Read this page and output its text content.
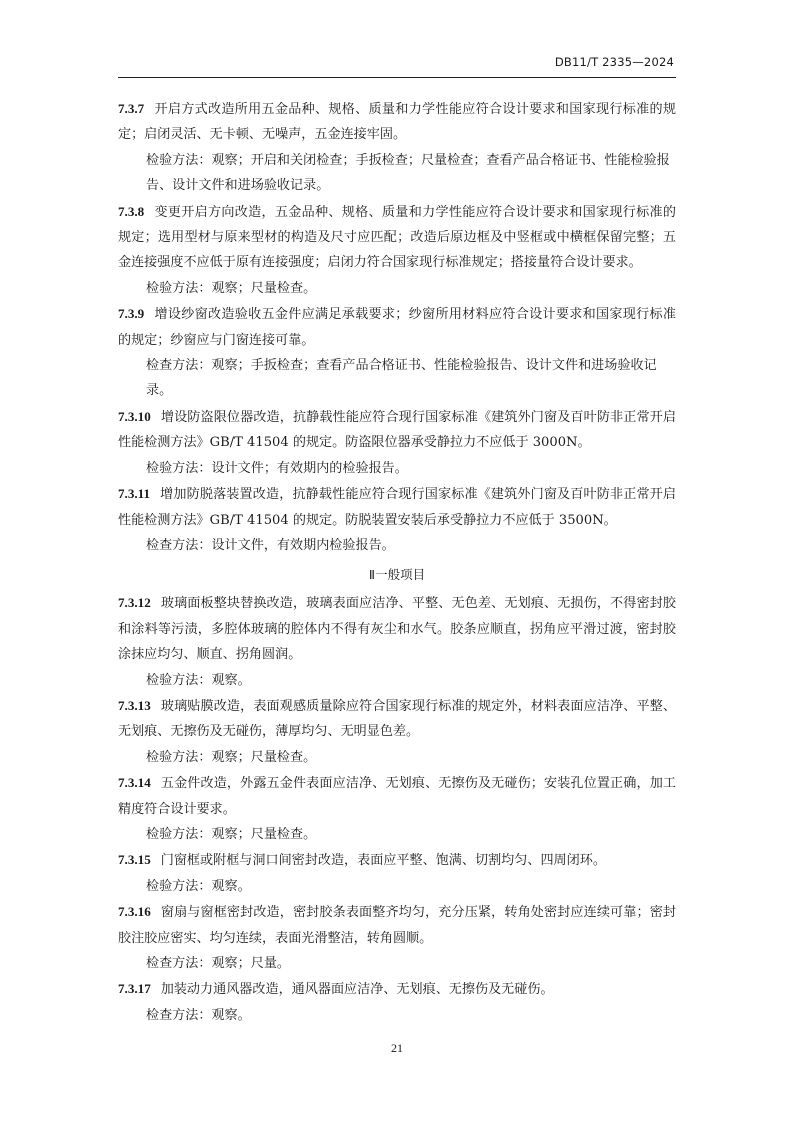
DB11/T 2335—2024

7.3.7 开启方式改造所用五金品种、规格、质量和力学性能应符合设计要求和国家现行标准的规定；启闭灵活、无卡顿、无噪声，五金连接牢固。

检验方法：观察；开启和关闭检查；手扳检查；尺量检查；查看产品合格证书、性能检验报告、设计文件和进场验收记录。

7.3.8 变更开启方向改造，五金品种、规格、质量和力学性能应符合设计要求和国家现行标准的规定；选用型材与原来型材的构造及尺寸应匹配；改造后原边框及中竖框或中横框保留完整；五金连接强度不应低于原有连接强度；启闭力符合国家现行标准规定；搭接量符合设计要求。

检验方法：观察；尺量检查。

7.3.9 增设纱窗改造验收五金件应满足承载要求；纱窗所用材料应符合设计要求和国家现行标准的规定；纱窗应与门窗连接可靠。

检查方法：观察；手扳检查；查看产品合格证书、性能检验报告、设计文件和进场验收记录。

7.3.10 增设防盗限位器改造，抗静载性能应符合现行国家标准《建筑外门窗及百叶防非正常开启性能检测方法》GB/T 41504 的规定。防盗限位器承受静拉力不应低于 3000N。

检验方法：设计文件；有效期内的检验报告。

7.3.11 增加防脱落装置改造，抗静载性能应符合现行国家标准《建筑外门窗及百叶防非正常开启性能检测方法》GB/T 41504 的规定。防脱装置安装后承受静拉力不应低于 3500N。

检查方法：设计文件，有效期内检验报告。

Ⅱ一般项目

7.3.12 玻璃面板整块替换改造，玻璃表面应洁净、平整、无色差、无划痕、无损伤，不得密封胶和涂料等污渍，多腔体玻璃的腔体内不得有灰尘和水气。胶条应顺直，拐角应平滑过渡，密封胶涂抹应均匀、顺直、拐角圆润。

检验方法：观察。

7.3.13 玻璃贴膜改造，表面观感质量除应符合国家现行标准的规定外，材料表面应洁净、平整、无划痕、无擦伤及无碰伤，薄厚均匀、无明显色差。

检验方法：观察；尺量检查。

7.3.14 五金件改造，外露五金件表面应洁净、无划痕、无擦伤及无碰伤；安装孔位置正确，加工精度符合设计要求。

检验方法：观察；尺量检查。

7.3.15 门窗框或附框与洞口间密封改造，表面应平整、饱满、切割均匀、四周闭环。

检验方法：观察。

7.3.16 窗扇与窗框密封改造，密封胶条表面整齐均匀，充分压紧，转角处密封应连续可靠；密封胶注胶应密实、均匀连续，表面光滑整洁，转角圆顺。

检查方法：观察；尺量。

7.3.17 加装动力通风器改造，通风器面应洁净、无划痕、无擦伤及无碰伤。

检查方法：观察。

21
